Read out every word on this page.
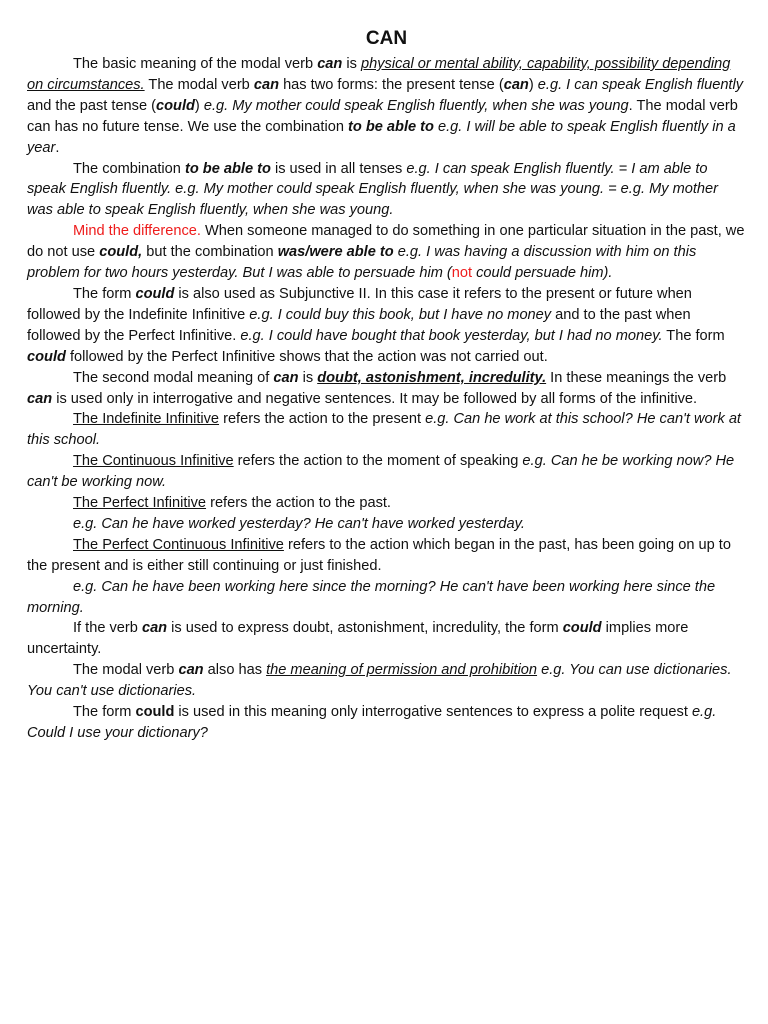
CAN

The basic meaning of the modal verb can is physical or mental ability, capability, possibility depending on circumstances. The modal verb can has two forms: the present tense (can) e.g. I can speak English fluently and the past tense (could) e.g. My mother could speak English fluently, when she was young. The modal verb can has no future tense. We use the combination to be able to e.g. I will be able to speak English fluently in a year.

The combination to be able to is used in all tenses e.g. I can speak English fluently. = I am able to speak English fluently. e.g. My mother could speak English fluently, when she was young. = e.g. My mother was able to speak English fluently, when she was young.

Mind the difference. When someone managed to do something in one particular situation in the past, we do not use could, but the combination was/were able to e.g. I was having a discussion with him on this problem for two hours yesterday. But I was able to persuade him (not could persuade him).

The form could is also used as Subjunctive II. In this case it refers to the present or future when followed by the Indefinite Infinitive e.g. I could buy this book, but I have no money and to the past when followed by the Perfect Infinitive. e.g. I could have bought that book yesterday, but I had no money. The form could followed by the Perfect Infinitive shows that the action was not carried out.

The second modal meaning of can is doubt, astonishment, incredulity. In these meanings the verb can is used only in interrogative and negative sentences. It may be followed by all forms of the infinitive.

The Indefinite Infinitive refers the action to the present e.g. Can he work at this school? He can't work at this school.

The Continuous Infinitive refers the action to the moment of speaking e.g. Can he be working now? He can't be working now.

The Perfect Infinitive refers the action to the past.

e.g. Can he have worked yesterday? He can't have worked yesterday.

The Perfect Continuous Infinitive refers to the action which began in the past, has been going on up to the present and is either still continuing or just finished.

e.g. Can he have been working here since the morning? He can't have been working here since the morning.

If the verb can is used to express doubt, astonishment, incredulity, the form could implies more uncertainty.

The modal verb can also has the meaning of permission and prohibition e.g. You can use dictionaries. You can't use dictionaries.

The form could is used in this meaning only interrogative sentences to express a polite request e.g. Could I use your dictionary?
